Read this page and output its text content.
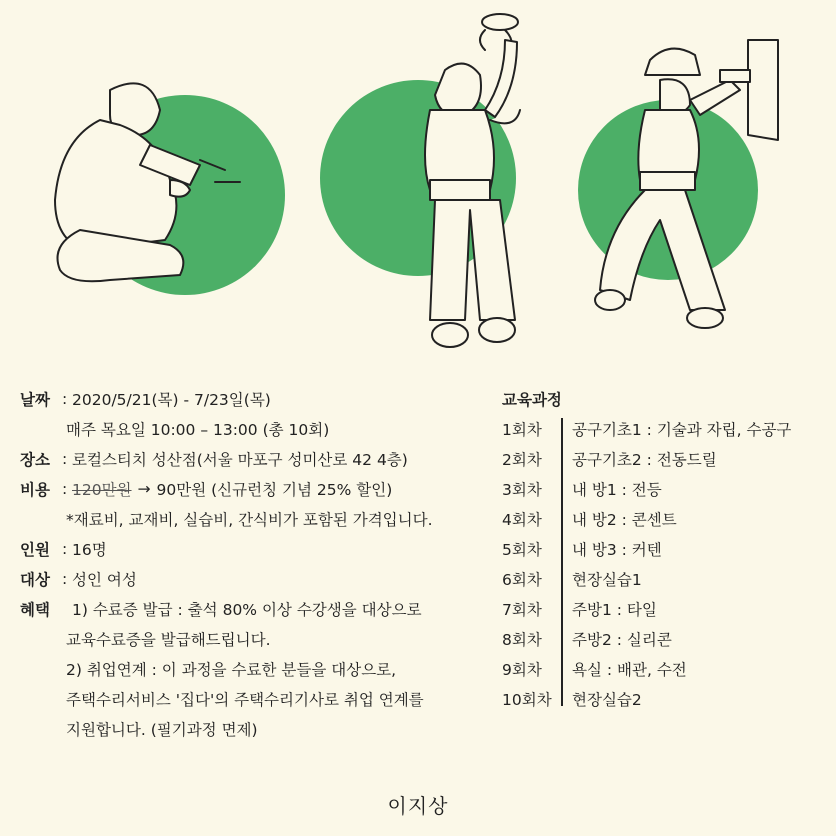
날짜 : 2020/5/21(목) - 7/23일(목)
매주 목요일 10:00 – 13:00 (총 10회)
장소 : 로컬스티치 성산점(서울 마포구 성미산로 42 4층)
비용 : 120만원 → 90만원 (신규런칭 기념 25% 할인)
*재료비, 교재비, 실습비, 간식비가 포함된 가격입니다.
인원 : 16명
대상 : 성인 여성
혜택	1) 수료증 발급 : 출석 80% 이상 수강생을 대상으로
교육수료증을 발급해드립니다.
2) 취업연계 : 이 과정을 수료한 분들을 대상으로,
주택수리서비스 '집다'의 주택수리기사로 취업 연계를
지원합니다. (필기과정 면제)
교육과정
1회차	공구기초1 : 기술과 자립, 수공구
2회차	공구기초2 : 전동드릴
3회차	내 방1 : 전등
4회차	내 방2 : 콘센트
5회차	내 방3 : 커텐
6회차	현장실습1
7회차	주방1 : 타일
8회차	주방2 : 실리콘
9회차	욕실 : 배관, 수전
10회차	현장실습2
이지상
